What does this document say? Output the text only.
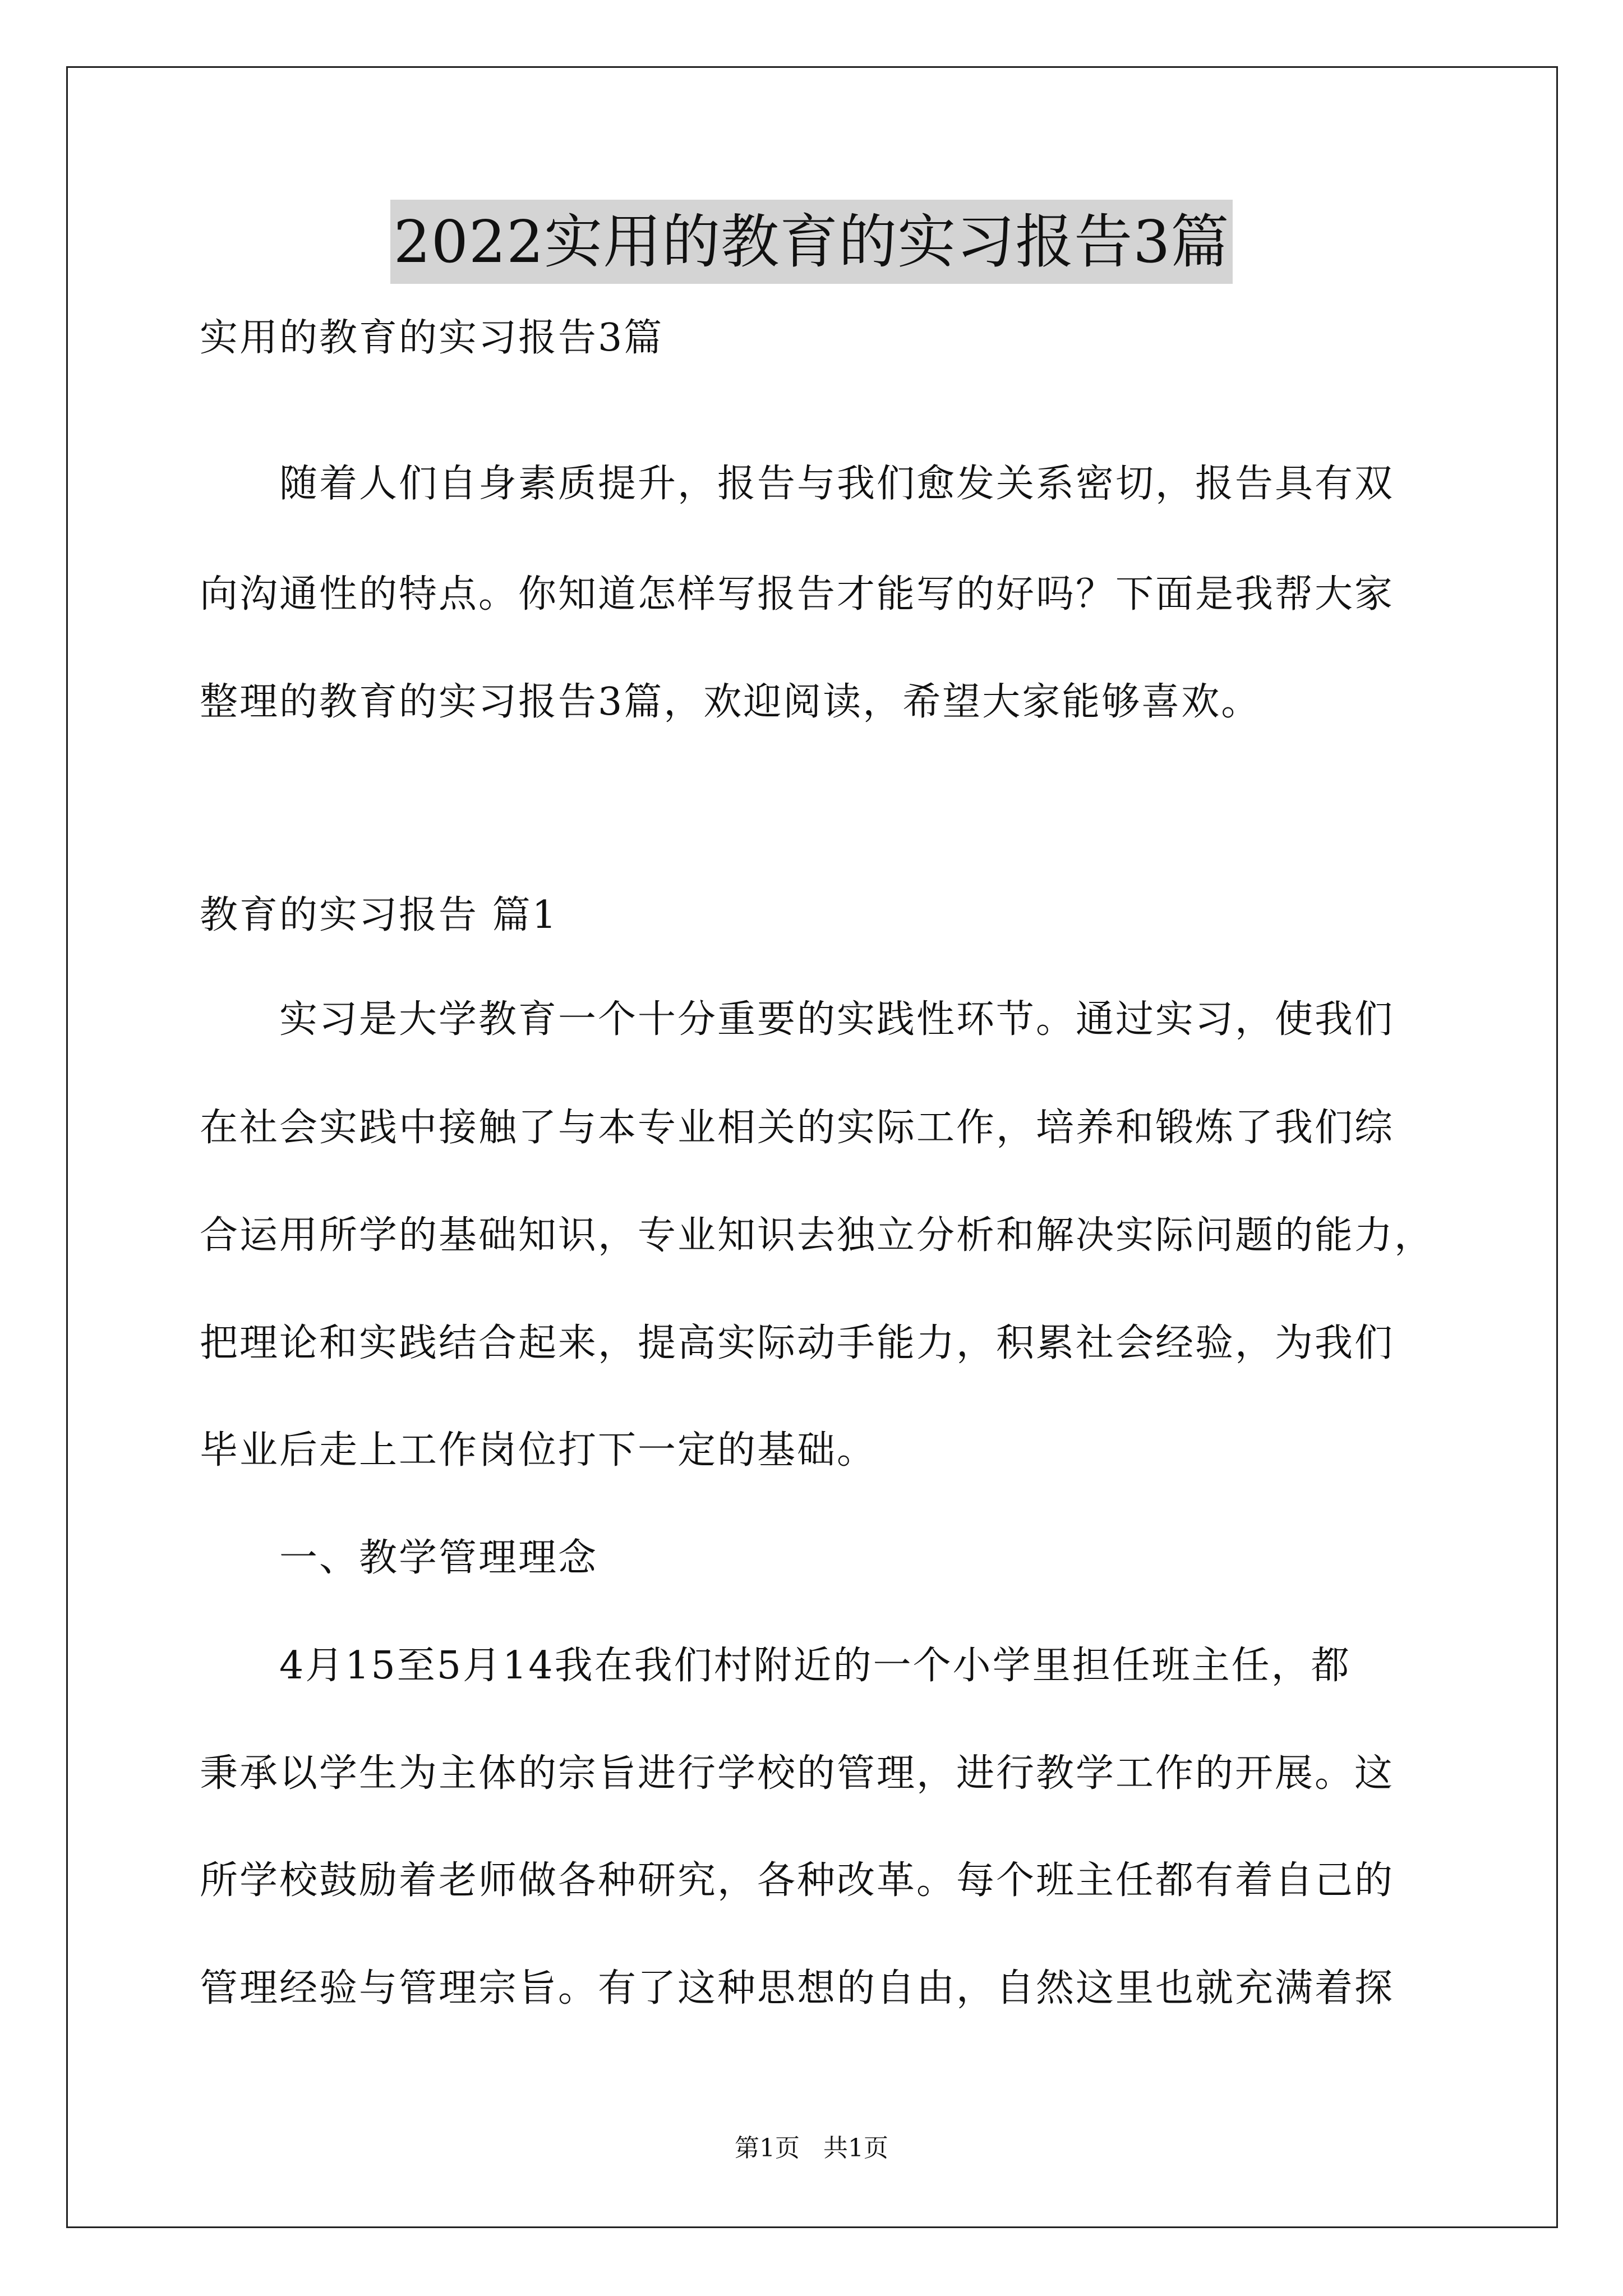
2022实用的教育的实习报告3篇
实用的教育的实习报告3篇
　　随着人们自身素质提升，报告与我们愈发关系密切，报告具有双
向沟通性的特点。你知道怎样写报告才能写的好吗？下面是我帮大家
整理的教育的实习报告3篇，欢迎阅读，希望大家能够喜欢。
教育的实习报告 篇1
　　实习是大学教育一个十分重要的实践性环节。通过实习，使我们
在社会实践中接触了与本专业相关的实际工作，培养和锻炼了我们综
合运用所学的基础知识，专业知识去独立分析和解决实际问题的能力，
把理论和实践结合起来，提高实际动手能力，积累社会经验，为我们
毕业后走上工作岗位打下一定的基础。
　　一、教学管理理念
　　4月15至5月14我在我们村附近的一个小学里担任班主任，都
秉承以学生为主体的宗旨进行学校的管理，进行教学工作的开展。这
所学校鼓励着老师做各种研究，各种改革。每个班主任都有着自己的
管理经验与管理宗旨。有了这种思想的自由，自然这里也就充满着探
第1页   共1页
